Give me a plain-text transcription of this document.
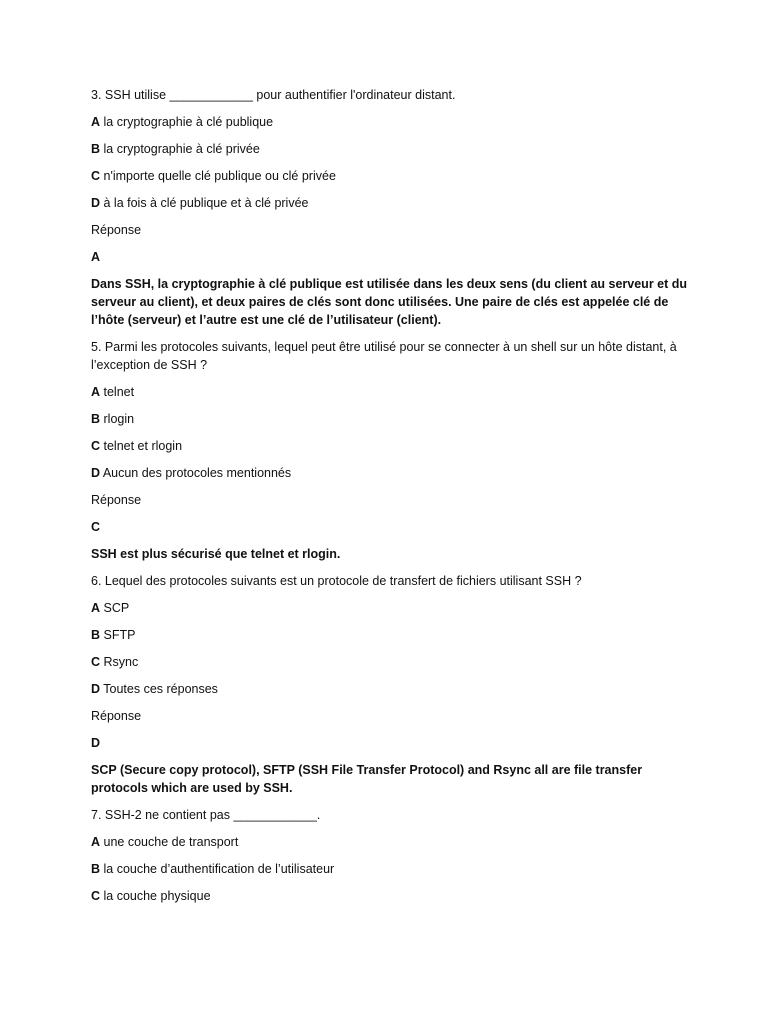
3. SSH utilise ____________ pour authentifier l'ordinateur distant.
A la cryptographie à clé publique
B la cryptographie à clé privée
C n'importe quelle clé publique ou clé privée
D à la fois à clé publique et à clé privée
Réponse
A
Dans SSH, la cryptographie à clé publique est utilisée dans les deux sens (du client au serveur et du serveur au client), et deux paires de clés sont donc utilisées. Une paire de clés est appelée clé de l’hôte (serveur) et l’autre est une clé de l’utilisateur (client).
5. Parmi les protocoles suivants, lequel peut être utilisé pour se connecter à un shell sur un hôte distant, à l’exception de SSH ?
A telnet
B rlogin
C telnet et rlogin
D Aucun des protocoles mentionnés
Réponse
C
SSH est plus sécurisé que telnet et rlogin.
6. Lequel des protocoles suivants est un protocole de transfert de fichiers utilisant SSH ?
A SCP
B SFTP
C Rsync
D Toutes ces réponses
Réponse
D
SCP (Secure copy protocol), SFTP (SSH File Transfer Protocol) and Rsync all are file transfer protocols which are used by SSH.
7. SSH-2 ne contient pas ____________.
A une couche de transport
B la couche d’authentification de l’utilisateur
C la couche physique
